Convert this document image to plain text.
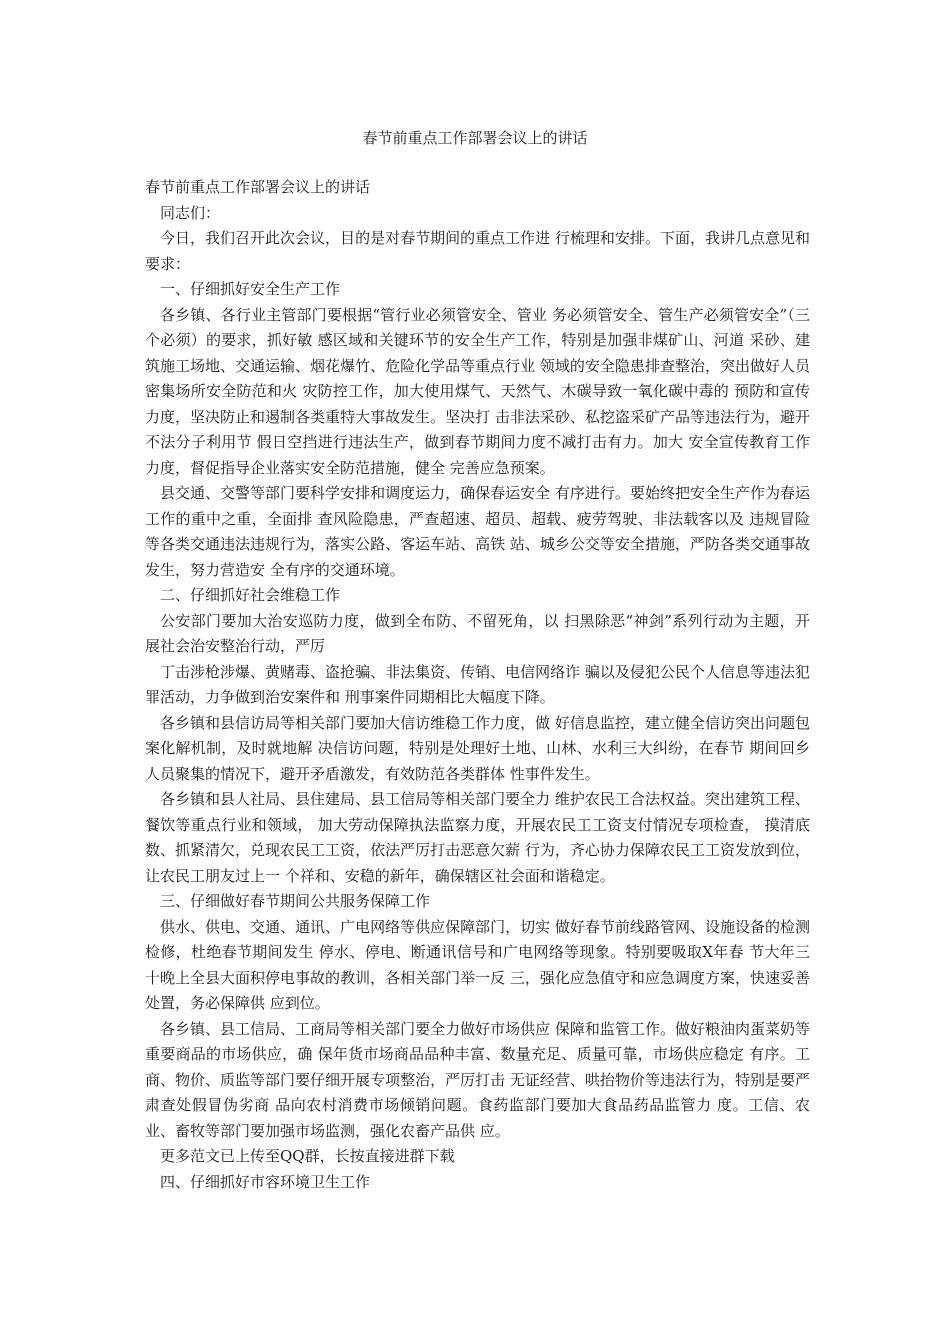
春节前重点工作部署会议上的讲话

春节前重点工作部署会议上的讲话

同志们：

今日，我们召开此次会议，目的是对春节期间的重点工作进 行梳理和安排。下面，我讲几点意见和要求：

一、仔细抓好安全生产工作

各乡镇、各行业主管部门要根据“管行业必须管安全、管业 务必须管安全、管生产必须管安全”（三个必须）的要求，抓好敏 感区域和关键环节的安全生产工作，特别是加强非煤矿山、河道 采砂、建筑施工场地、交通运输、烟花爆竹、危险化学品等重点行业 领域的安全隐患排查整治，突出做好人员密集场所安全防范和火 灾防控工作，加大使用煤气、天然气、木碳导致一氧化碳中毒的 预防和宣传力度，坚决防止和遏制各类重特大事故发生。坚决打 击非法采砂、私挖盗采矿产品等违法行为，避开不法分子利用节 假日空挡进行违法生产，做到春节期间力度不减打击有力。加大 安全宣传教育工作力度，督促指导企业落实安全防范措施，健全 完善应急预案。

县交通、交警等部门要科学安排和调度运力，确保春运安全 有序进行。要始终把安全生产作为春运工作的重中之重，全面排 查风险隐患，严查超速、超员、超载、疲劳驾驶、非法载客以及 违规冒险等各类交通违法违规行为，落实公路、客运车站、高铁 站、城乡公交等安全措施，严防各类交通事故发生，努力营造安 全有序的交通环境。

二、仔细抓好社会维稳工作

公安部门要加大治安巡防力度，做到全布防、不留死角，以 扫黑除恶“神剑”系列行动为主题，开展社会治安整治行动，严厉

丁击涉枪涉爆、黄赌毒、盗抢骗、非法集资、传销、电信网络诈 骗以及侵犯公民个人信息等违法犯罪活动，力争做到治安案件和 刑事案件同期相比大幅度下降。

各乡镇和县信访局等相关部门要加大信访维稳工作力度，做 好信息监控，建立健全信访突出问题包案化解机制，及时就地解 决信访问题，特别是处理好土地、山林、水利三大纠纷，在春节 期间回乡人员聚集的情况下，避开矛盾激发，有效防范各类群体 性事件发生。

各乡镇和县人社局、县住建局、县工信局等相关部门要全力 维护农民工合法权益。突出建筑工程、餐饮等重点行业和领域， 加大劳动保障执法监察力度，开展农民工工资支付情况专项检查， 摸清底数、抓紧清欠，兑现农民工工资，依法严厉打击恶意欠薪 行为，齐心协力保障农民工工资发放到位，让农民工朋友过上一 个祥和、安稳的新年，确保辖区社会面和谐稳定。

三、仔细做好春节期间公共服务保障工作

供水、供电、交通、通讯、广电网络等供应保障部门，切实 做好春节前线路管网、设施设备的检测检修，杜绝春节期间发生 停水、停电、断通讯信号和广电网络等现象。特别要吸取X年春 节大年三十晚上全县大面积停电事故的教训，各相关部门举一反 三，强化应急值守和应急调度方案，快速妥善处置，务必保障供 应到位。

各乡镇、县工信局、工商局等相关部门要全力做好市场供应 保障和监管工作。做好粮油肉蛋菜奶等重要商品的市场供应，确 保年货市场商品品种丰富、数量充足、质量可靠，市场供应稳定 有序。工商、物价、质监等部门要仔细开展专项整治，严厉打击 无证经营、哄抬物价等违法行为，特别是要严肃查处假冒伪劣商 品向农村消费市场倾销问题。食药监部门要加大食品药品监管力 度。工信、农业、畜牧等部门要加强市场监测，强化农畜产品供 应。

更多范文已上传至QQ群，长按直接进群下载

四、仔细抓好市容环境卫生工作
